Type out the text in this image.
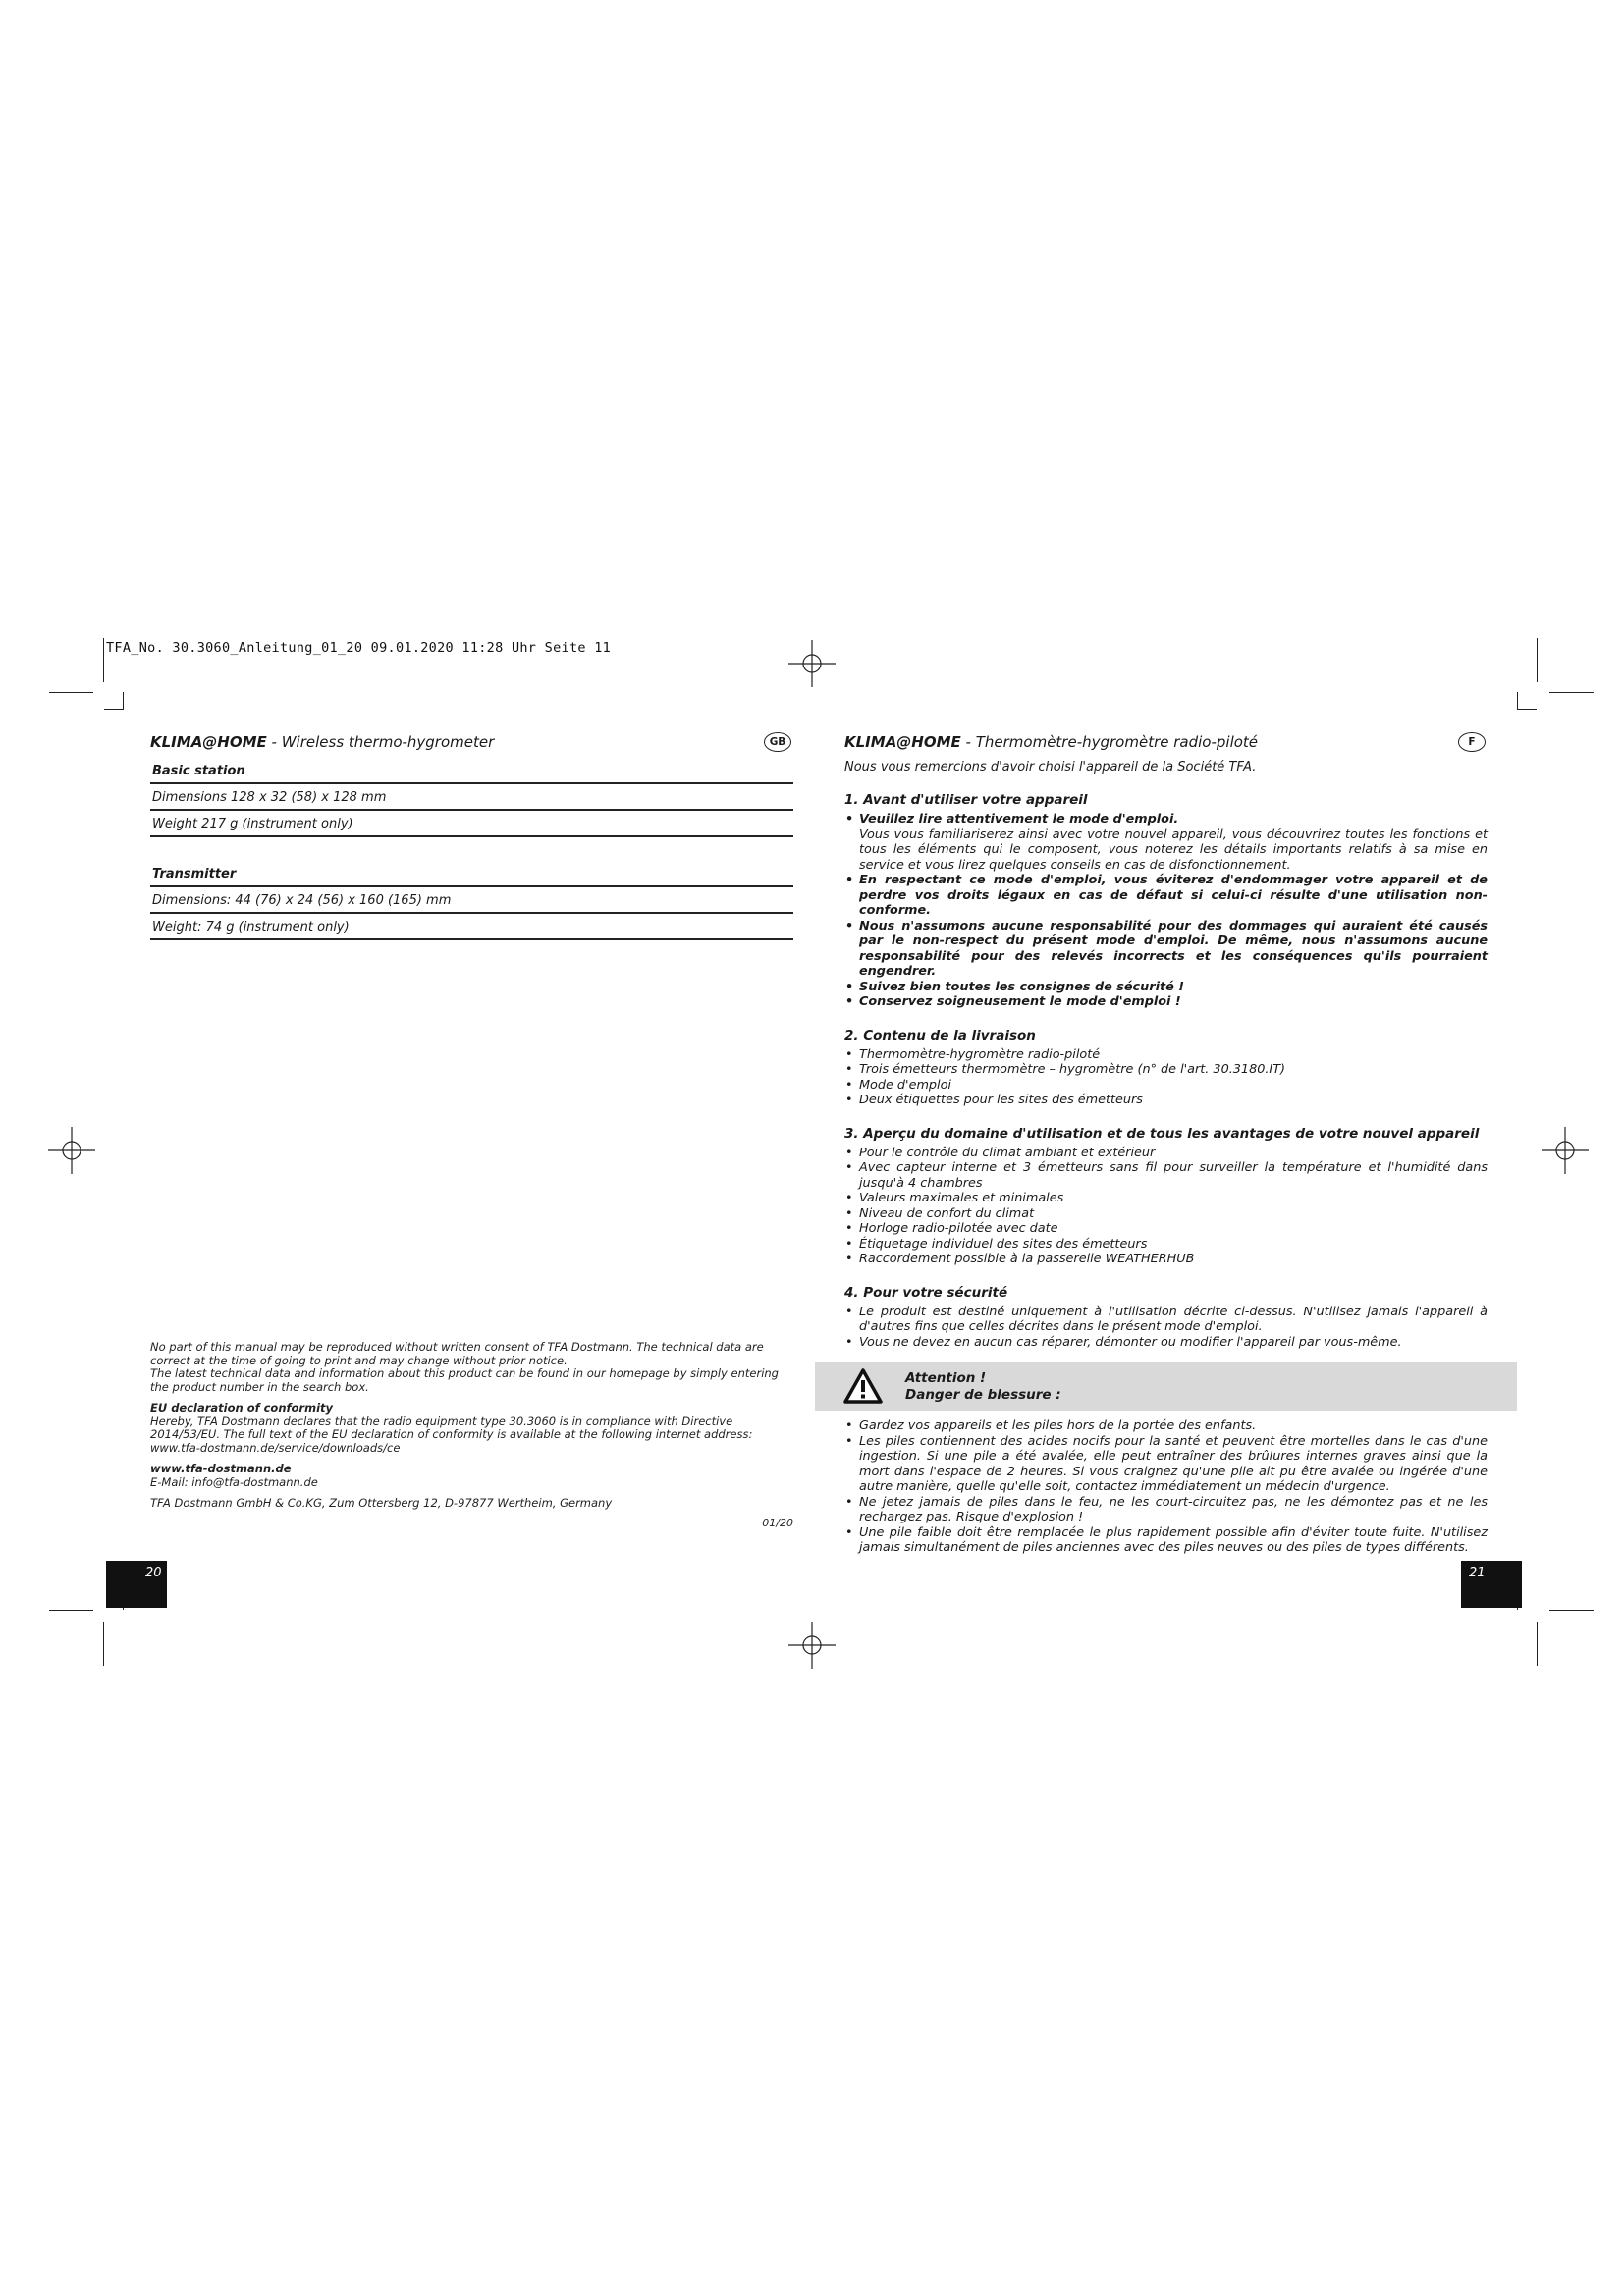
TFA_No. 30.3060_Anleitung_01_20 09.01.2020 11:28 Uhr Seite 11
KLIMA@HOME - Wireless thermo-hygrometer	GB
Basic station
Dimensions 128 x 32 (58) x 128 mm
Weight 217 g (instrument only)
Transmitter
Dimensions: 44 (76) x 24 (56) x 160 (165) mm
Weight: 74 g (instrument only)

No part of this manual may be reproduced without written consent of TFA Dostmann. The technical data are correct at the time of going to print and may change without prior notice.

The latest technical data and information about this product can be found in our homepage by simply entering the product number in the search box.

EU declaration of conformity

Hereby, TFA Dostmann declares that the radio equipment type 30.3060 is in compliance with Directive 2014/53/EU. The full text of the EU declaration of conformity is available at the following internet address: www.tfa-dostmann.de/service/downloads/ce

www.tfa-dostmann.de

E-Mail: info@tfa-dostmann.de

TFA Dostmann GmbH & Co.KG, Zum Ottersberg 12, D-97877 Wertheim, Germany

01/20

20
KLIMA@HOME - Thermomètre-hygromètre radio-piloté	F
Nous vous remercions d'avoir choisi l'appareil de la Société TFA.
1. Avant d'utiliser votre appareil
• Veuillez lire attentivement le mode d'emploi.
Vous vous familiariserez ainsi avec votre nouvel appareil, vous découvrirez toutes les fonctions et tous les éléments qui le composent, vous noterez les détails importants relatifs à sa mise en service et vous lirez quelques conseils en cas de disfonctionnement.
• En respectant ce mode d'emploi, vous éviterez d'endommager votre appareil et de perdre vos droits légaux en cas de défaut si celui-ci résulte d'une utilisation non-conforme.
• Nous n'assumons aucune responsabilité pour des dommages qui auraient été causés par le non-respect du présent mode d'emploi. De même, nous n'assumons aucune responsabilité pour des relevés incorrects et les conséquences qu'ils pourraient engendrer.
• Suivez bien toutes les consignes de sécurité !
• Conservez soigneusement le mode d'emploi !
2. Contenu de la livraison
• Thermomètre-hygromètre radio-piloté
• Trois émetteurs thermomètre – hygromètre (n° de l'art. 30.3180.IT)
• Mode d'emploi
• Deux étiquettes pour les sites des émetteurs
3. Aperçu du domaine d'utilisation et de tous les avantages de votre nouvel appareil
• Pour le contrôle du climat ambiant et extérieur
• Avec capteur interne et 3 émetteurs sans fil pour surveiller la température et l'humidité dans jusqu'à 4 chambres
• Valeurs maximales et minimales
• Niveau de confort du climat
• Horloge radio-pilotée avec date
• Étiquetage individuel des sites des émetteurs
• Raccordement possible à la passerelle WEATHERHUB
4. Pour votre sécurité
• Le produit est destiné uniquement à l'utilisation décrite ci-dessus. N'utilisez jamais l'appareil à d'autres fins que celles décrites dans le présent mode d'emploi.
• Vous ne devez en aucun cas réparer, démonter ou modifier l'appareil par vous-même.
Attention !
Danger de blessure :
• Gardez vos appareils et les piles hors de la portée des enfants.
• Les piles contiennent des acides nocifs pour la santé et peuvent être mortelles dans le cas d'une ingestion. Si une pile a été avalée, elle peut entraîner des brûlures internes graves ainsi que la mort dans l'espace de 2 heures. Si vous craignez qu'une pile ait pu être avalée ou ingérée d'une autre manière, quelle qu'elle soit, contactez immédiatement un médecin d'urgence.
• Ne jetez jamais de piles dans le feu, ne les court-circuitez pas, ne les démontez pas et ne les rechargez pas. Risque d'explosion !
• Une pile faible doit être remplacée le plus rapidement possible afin d'éviter toute fuite. N'utilisez jamais simultanément de piles anciennes avec des piles neuves ou des piles de types différents.
21
